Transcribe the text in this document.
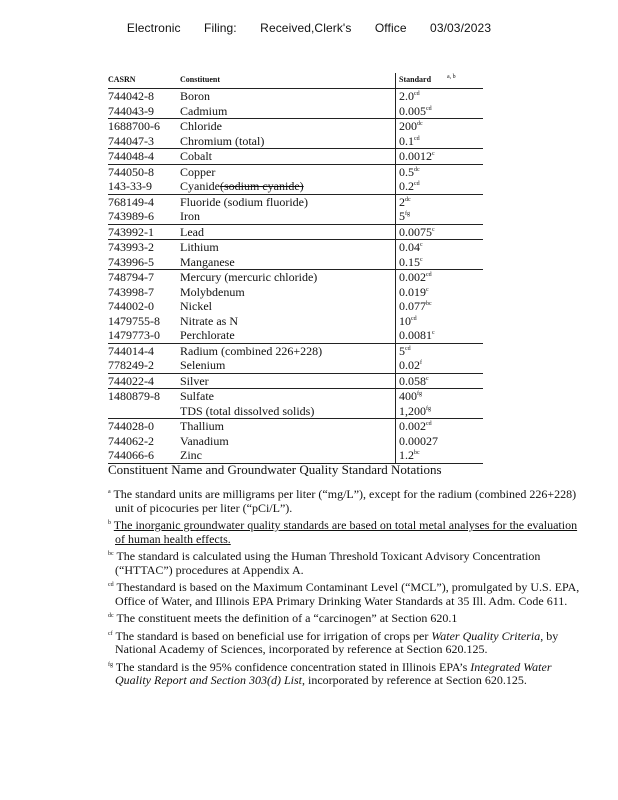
Electronic Filing: Received,Clerk's Office 03/03/2023
CASRN	Constituent	Standard $^{a, b}$
744042-8	Boron	2.0$^{cd}$
744043-9	Cadmium	0.005$^{cd}$
1688700-6	Chloride	$200^{dc}$
744047-3	Chromium (total)	0.1$^{cd}$
744048-4	Cobalt	0.0012$^c$
744050-8	Copper	0.5$^{dc}$
143-33-9	Cyanide(sodium cyanide)	0.2$^{cd}$
768149-4	Fluoride (sodium fluoride)	$2^{dc}$
743989-6	Iron	$5^{fg}$
743992-1	Lead	0.0075$^c$
743993-2	Lithium	0.04$^c$
743996-5	Manganese	0.15$^c$
748794-7	Mercury (mercuric chloride)	0.002$^{cd}$
743998-7	Molybdenum	0.019$^c$
744002-0	Nickel	0.077$^{bc}$
1479755-8	Nitrate as N	$10^{cd}$
1479773-0	Perchlorate	0.0081$^c$
744014-4	Radium (combined 226+228)	$5^{cd}$
778249-2	Selenium	0.02$^f$
744022-4	Silver	0.058$^c$
1480879-8	Sulfate	$400^{fg}$
	TDS (total dissolved solids)	1,200$^{fg}$
744028-0	Thallium	0.002$^{cd}$
744062-2	Vanadium	0.00027
744066-6	Zinc	1.2$^{bc}$
Constituent Name and Groundwater Quality Standard Notations
$^a$ The standard units are milligrams per liter (“mg/L”), except for the radium (combined 226+228) unit of picocuries per liter (“pCi/L”).
$^b$ The inorganic groundwater quality standards are based on total metal analyses for the evaluation of human health effects.
$^{bc}$ The standard is calculated using the Human Threshold Toxicant Advisory Concentration (“HTTAC”) procedures at Appendix A.
$^{cd}$ Thestandard is based on the Maximum Contaminant Level (“MCL”), promulgated by U.S. EPA, Office of Water, and Illinois EPA Primary Drinking Water Standards at 35 Ill. Adm. Code 611.
$^{dc}$ The constituent meets the definition of a “carcinogen” at Section 620.1
$^{cf}$ The standard is based on beneficial use for irrigation of crops per Water Quality Criteria, by National Academy of Sciences, incorporated by reference at Section 620.125.
$^{fg}$ The standard is the 95% confidence concentration stated in Illinois EPA’s Integrated Water Quality Report and Section 303(d) List, incorporated by reference at Section 620.125.
